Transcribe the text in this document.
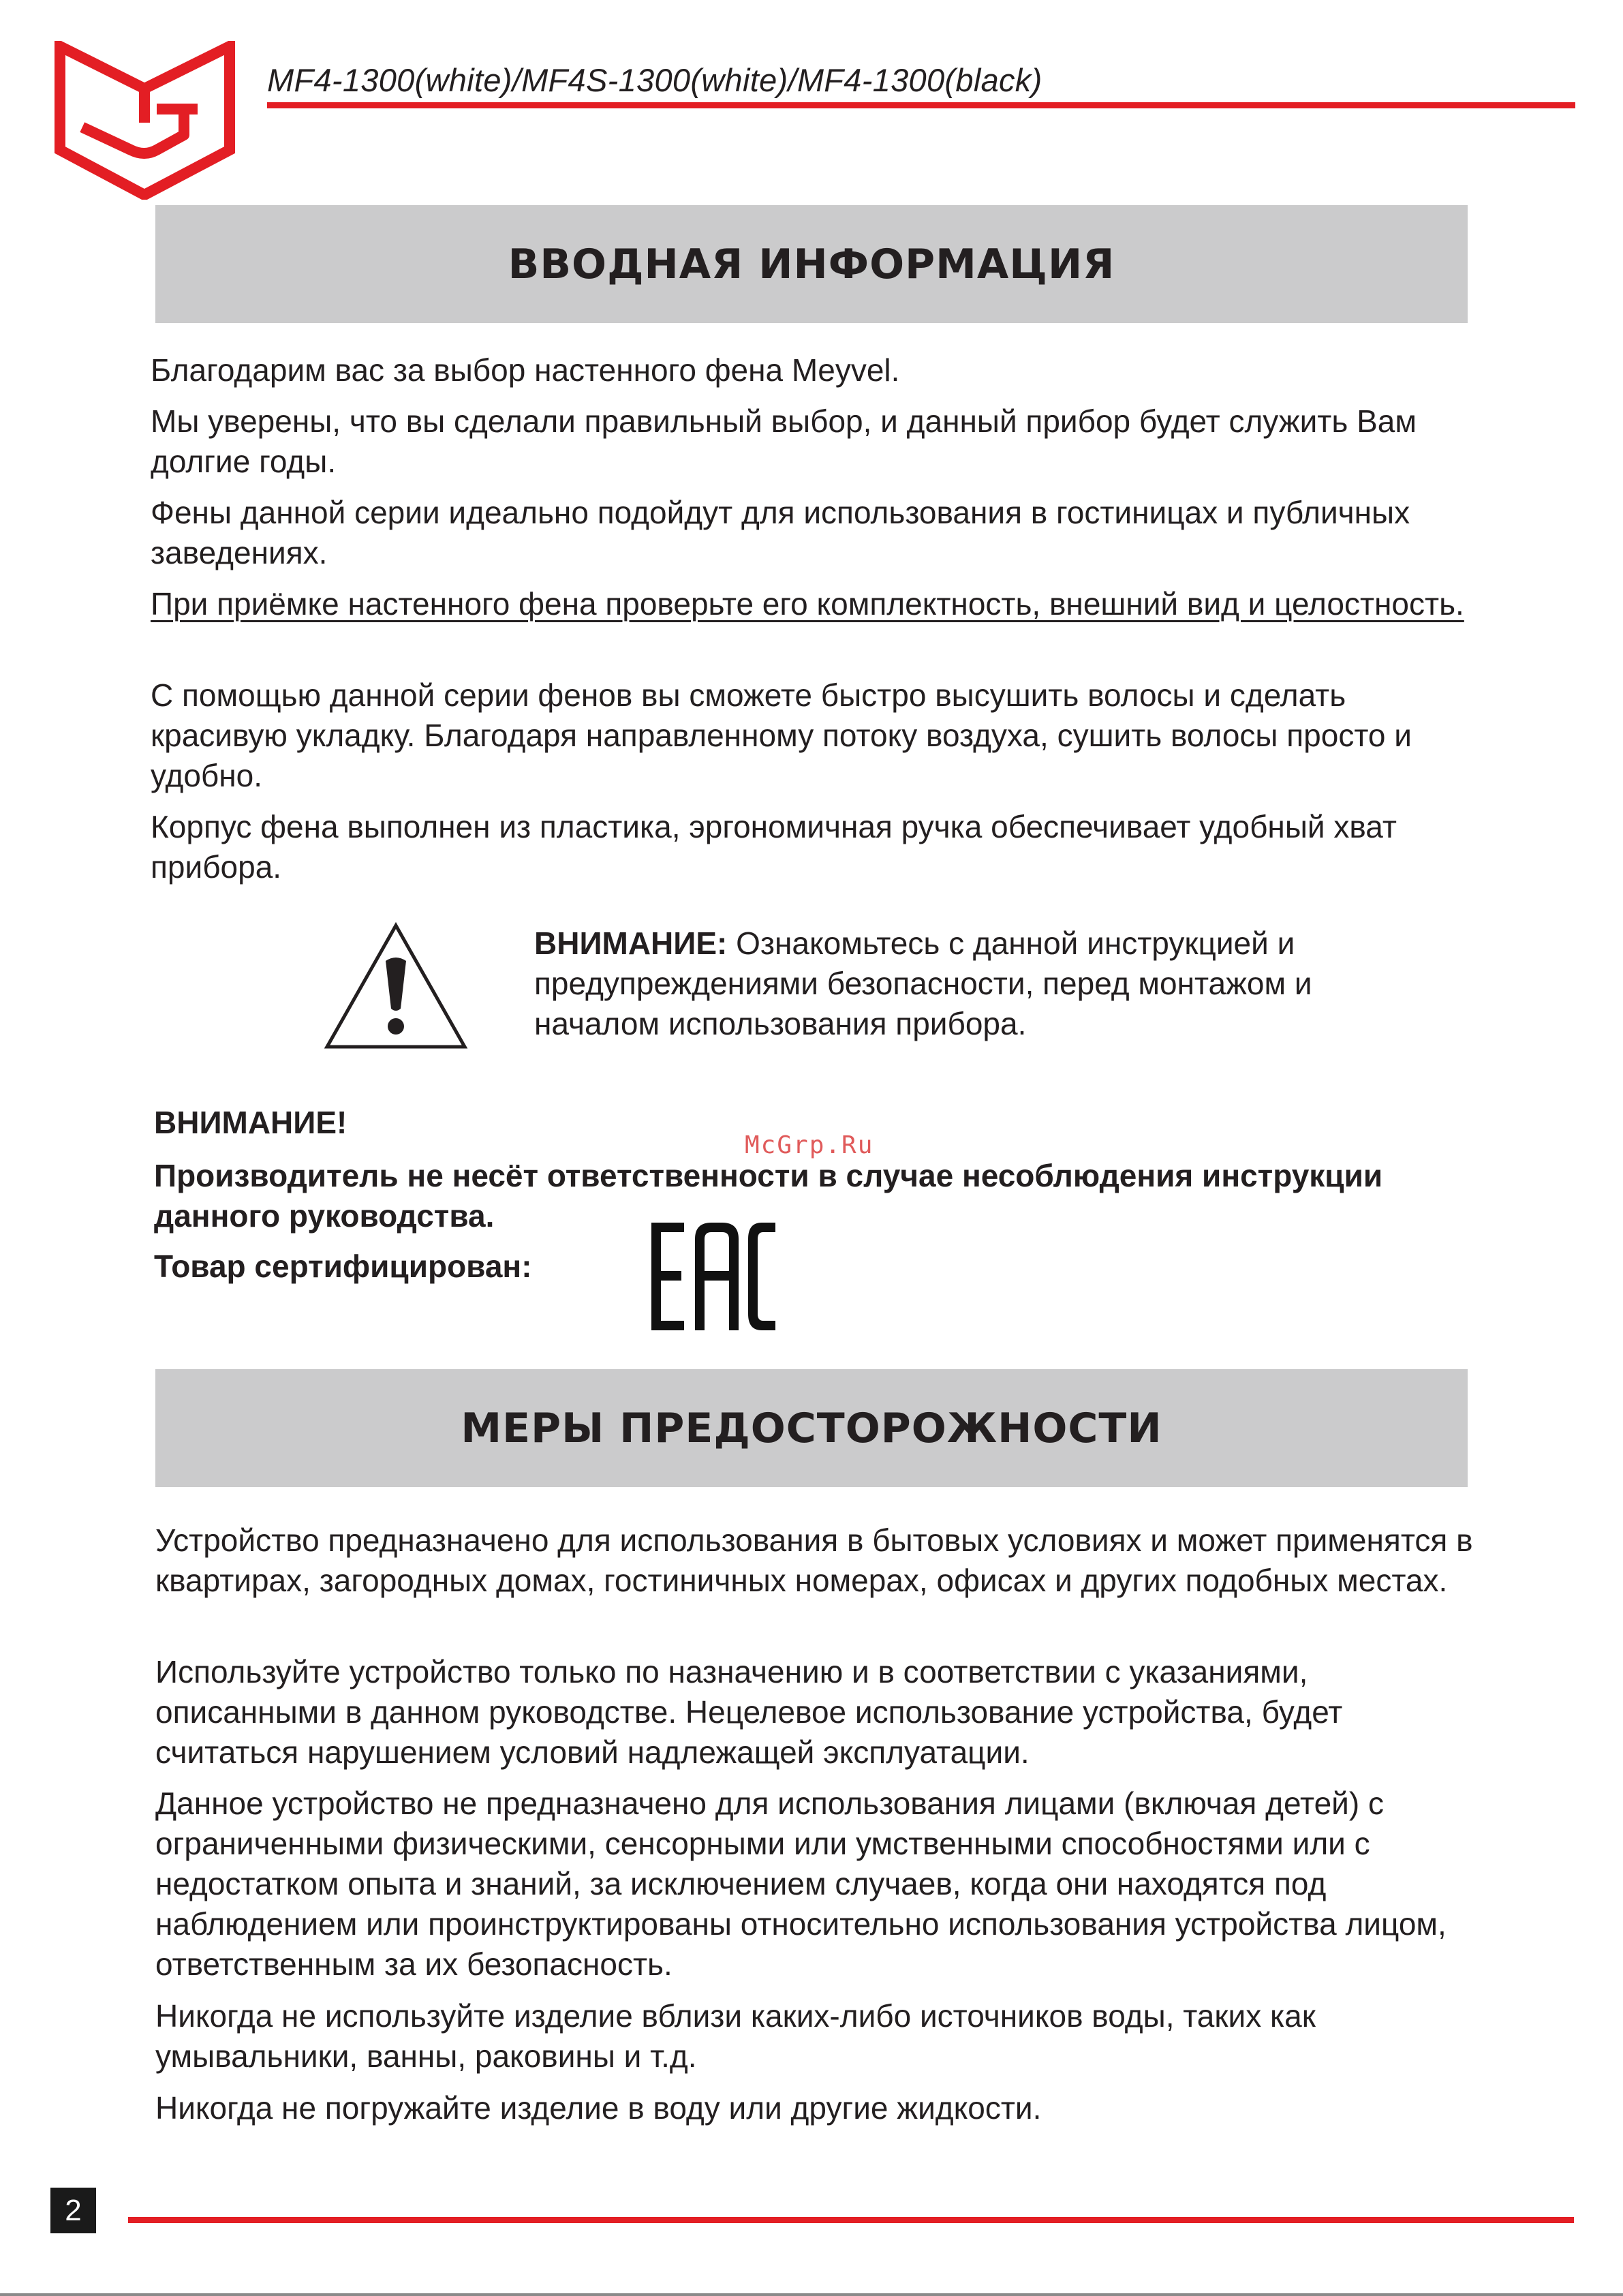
MF4-1300(white)/MF4S-1300(white)/MF4-1300(black)
ВВОДНАЯ ИНФОРМАЦИЯ

Благодарим вас за выбор настенного фена Meyvel.

Мы уверены, что вы сделали правильный выбор, и данный прибор будет служить Вам долгие годы.

Фены данной серии идеально подойдут для использования в гостиницах и публичных заведениях.

При приёмке настенного фена проверьте его комплектность, внешний вид и целостность.

С помощью данной серии фенов вы сможете быстро высушить волосы и сделать красивую укладку. Благодаря направленному потоку воздуха, сушить волосы просто и удобно.

Корпус фена выполнен из пластика, эргономичная ручка обеспечивает удобный хват прибора.

ВНИМАНИЕ: Ознакомьтесь с данной инструкцией и предупреждениями безопасности, перед монтажом и началом использования прибора.

ВНИМАНИЕ!

McGrp.Ru

Производитель не несёт ответственности в случае несоблюдения инструкции данного руководства.

Товар сертифицирован:

МЕРЫ ПРЕДОСТОРОЖНОСТИ

Устройство предназначено для использования в бытовых условиях и может применятся в квартирах, загородных домах, гостиничных номерах, офисах и других подобных местах.

Используйте устройство только по назначению и в соответствии с указаниями, описанными в данном руководстве. Нецелевое использование устройства, будет считаться нарушением условий надлежащей эксплуатации.

Данное устройство не предназначено для использования лицами (включая детей) с ограниченными физическими, сенсорными или умственными способностями или с недостатком опыта и знаний, за исключением случаев, когда они находятся под наблюдением или проинструктированы относительно использования устройства лицом, ответственным за их безопасность.

Никогда не используйте изделие вблизи каких-либо источников воды, таких как умывальники, ванны, раковины и т.д.

Никогда не погружайте изделие в воду или другие жидкости.

2
